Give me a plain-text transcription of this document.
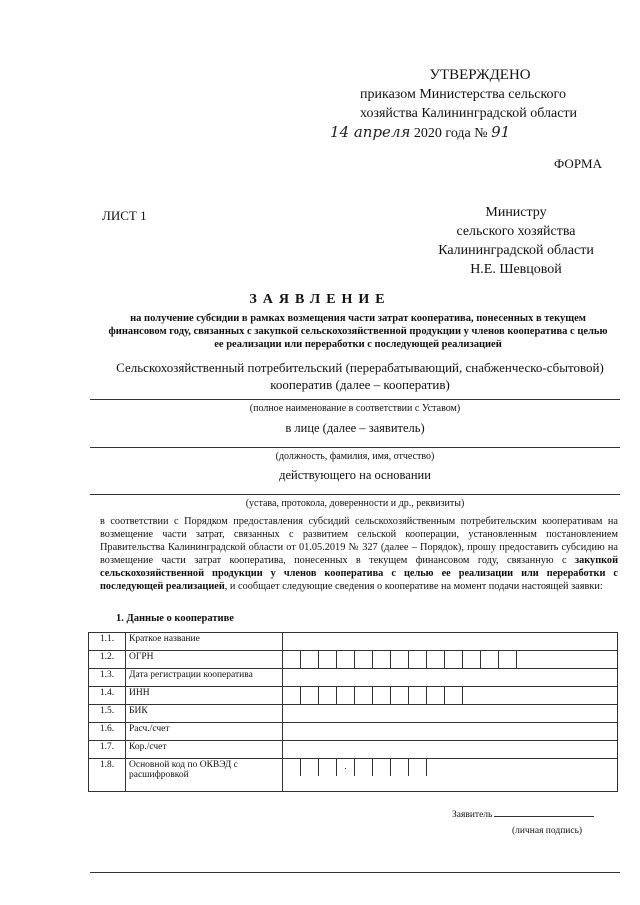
УТВЕРЖДЕНО
приказом Министерства сельского
хозяйства Калининградской области
14 апреля 2020 года № 91
ФОРМА
ЛИСТ 1	Министру
сельского хозяйства
Калининградской области
Н.Е. Шевцовой
ЗАЯВЛЕНИЕ
на получение субсидии в рамках возмещения части затрат кооператива, понесенных в текущем финансовом году, связанных с закупкой сельскохозяйственной продукции у членов кооператива с целью ее реализации или переработки с последующей реализацией
Сельскохозяйственный потребительский (перерабатывающий, снабженческо-сбытовой) кооператив (далее – кооператив)
(полное наименование в соответствии с Уставом)
в лице (далее – заявитель)
(должность, фамилия, имя, отчество)
действующего на основании
(устава, протокола, доверенности и др., реквизиты)
в соответствии с Порядком предоставления субсидий сельскохозяйственным потребительским кооперативам на возмещение части затрат, связанных с развитием сельской кооперации, установленным постановлением Правительства Калининградской области от 01.05.2019 № 327 (далее – Порядок), прошу предоставить субсидию на возмещение части затрат кооператива, понесенных в текущем финансовом году, связанную с закупкой сельскохозяйственной продукции у членов кооператива с целью ее реализации или переработки с последующей реализацией, и сообщает следующие сведения о кооперативе на момент подачи настоящей заявки:
1. Данные о кооперативе
1.1.	Краткое название	
1.2.	ОГРН	

1.3.	Дата регистрации кооператива	
1.4.	ИНН	

1.5.	БИК	
1.6.	Расч./счет	
1.7.	Кор./счет	
1.8.	Основной код по ОКВЭД с расшифровкой	.
Заявитель
(личная подпись)
